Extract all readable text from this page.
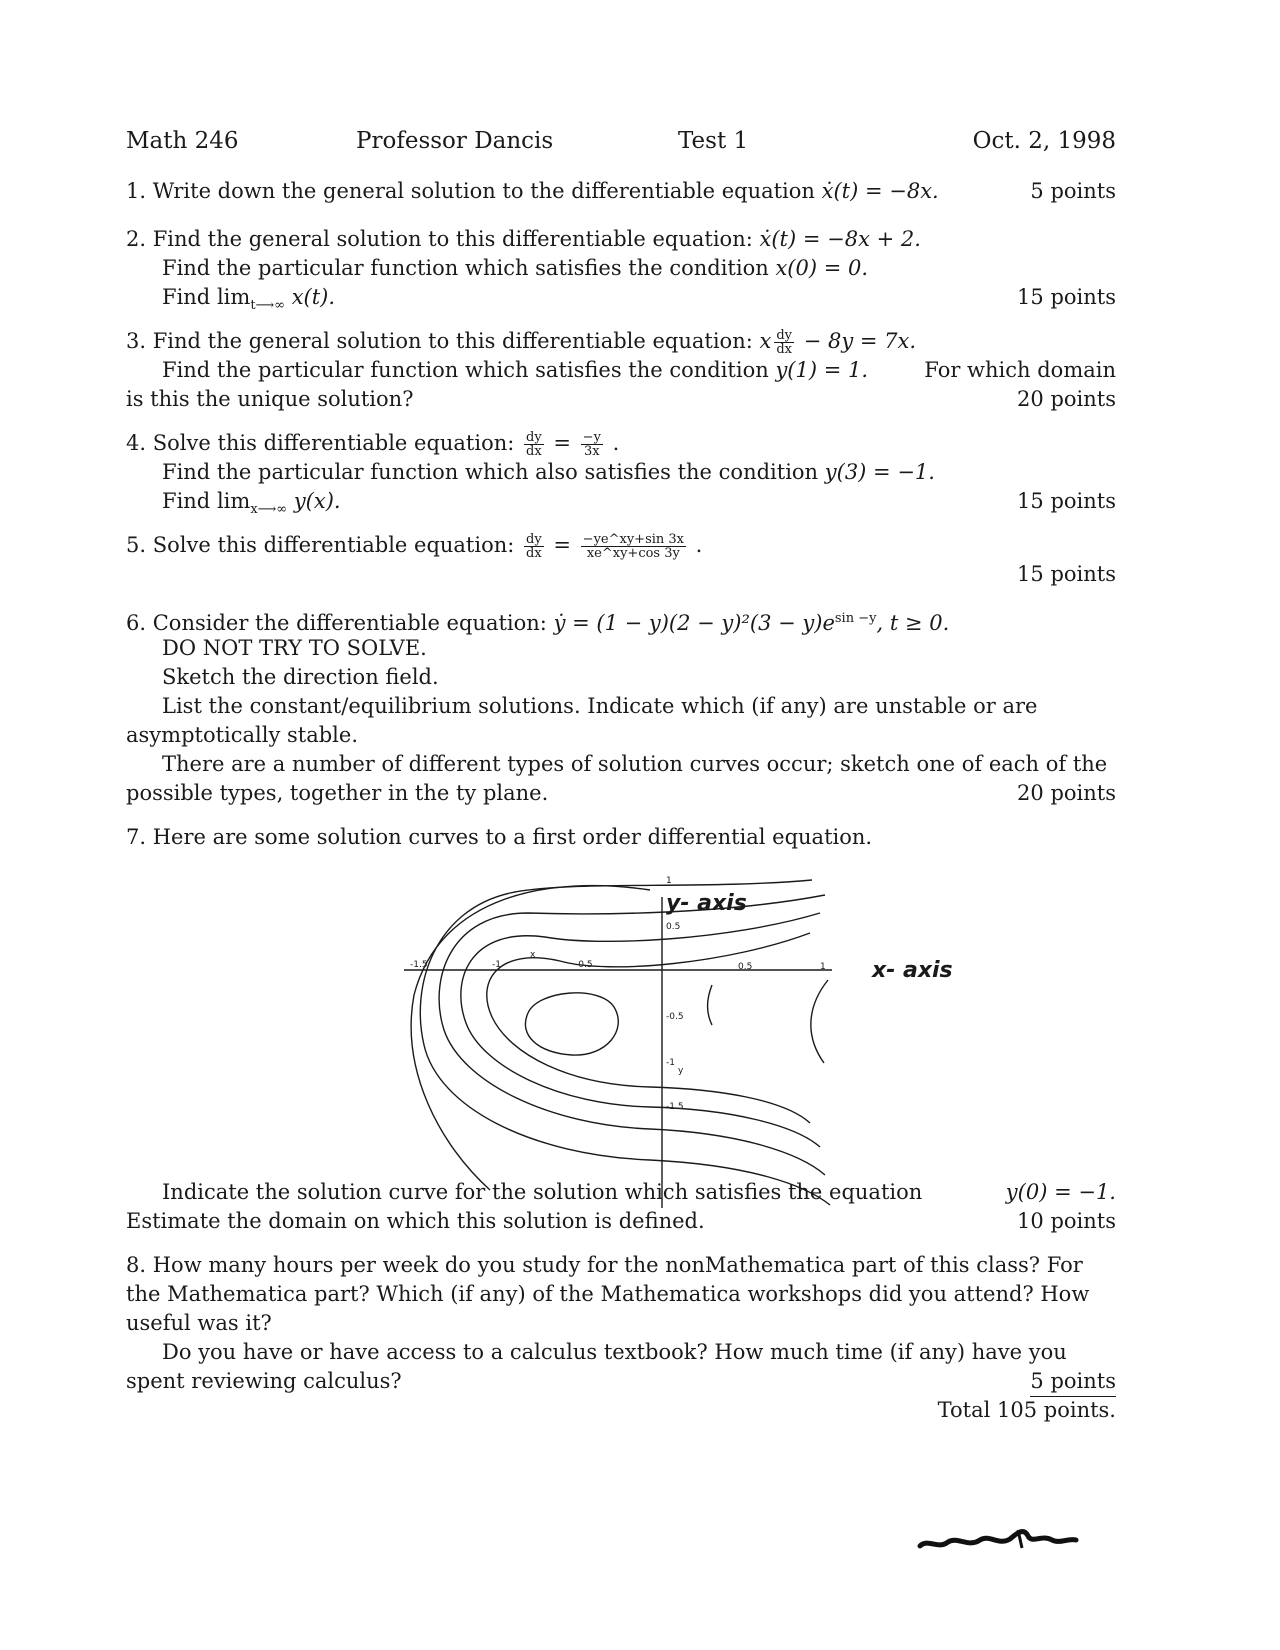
Math 246	Professor Dancis	Test 1	Oct. 2, 1998
1. Write down the general solution to the differentiable equation ẋ(t) = −8x.	5 points
2. Find the general solution to this differentiable equation: ẋ(t) = −8x + 2.
Find the particular function which satisfies the condition x(0) = 0.
Find $\lim_{t⟶\infty} x(t)$.	15 points
3. Find the general solution to this differentiable equation: x $\frac{dy}{dx} - 8y = 7x$.
Find the particular function which satisfies the condition y(1) = 1.	For which domain
is this the unique solution?	20 points
4. Solve this differentiable equation: $\frac{dy}{dx} = \frac{-y}{3x}$ .
Find the particular function which also satisfies the condition y(3) = −1.
Find $\lim_{x⟶\infty} y(x)$.	15 points
5. Solve this differentiable equation: $\frac{dy}{dx} = \frac{-ye\^{}xy+\sin 3x}{xe\^{}xy+\cos 3y}$ .
15 points
6. Consider the differentiable equation: ẏ = $(1 - y)(2 - y)^2(3 - y)e^{sin -y}$, t ≥ 0.
DO NOT TRY TO SOLVE.
Sketch the direction field.
List the constant/equilibrium solutions. Indicate which (if any) are unstable or are
asymptotically stable.
There are a number of different types of solution curves occur; sketch one of each of the
possible types, together in the ty plane.	20 points
7. Here are some solution curves to a first order differential equation.
-1.5	-1	-0.5	0.5	1
1
0.5
-0.5
-1
-1.5
x
y
y- axis
x- axis
Indicate the solution curve for the solution which satisfies the equation	y(0) = −1.
Estimate the domain on which this solution is defined.	10 points
8. How many hours per week do you study for the nonMathematica part of this class? For
the Mathematica part? Which (if any) of the Mathematica workshops did you attend? How
useful was it?
Do you have or have access to a calculus textbook? How much time (if any) have you
spent reviewing calculus?	5 points
Total 105 points.
